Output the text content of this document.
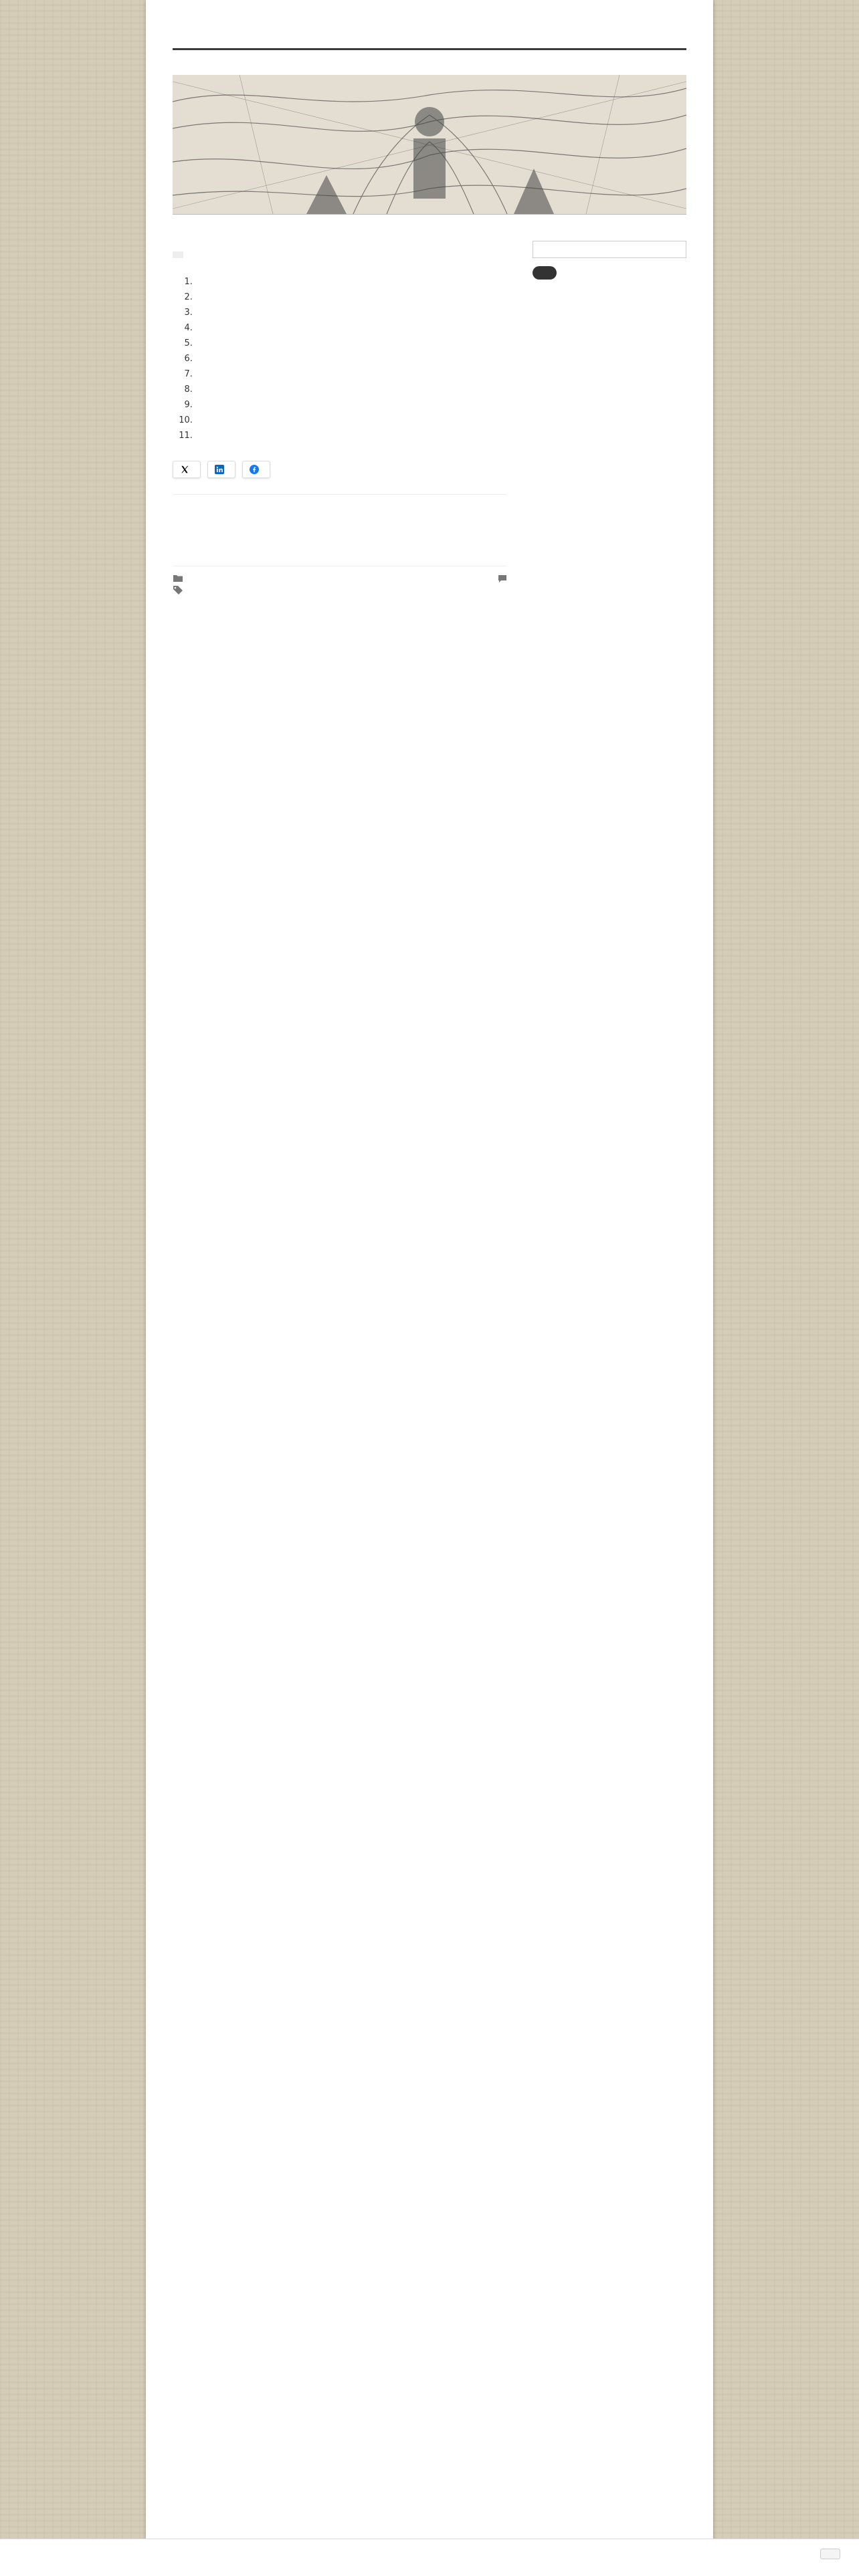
1.
2.
3.
4.
5.
6.
7.
8.
9.
10.
11.
